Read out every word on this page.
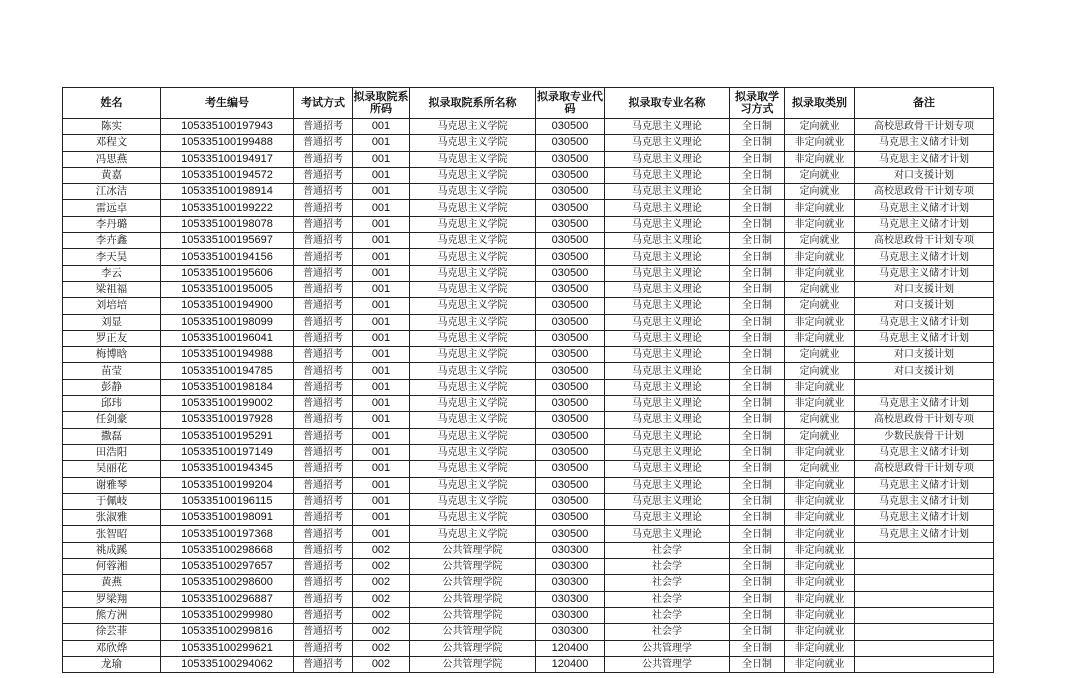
姓名	考生编号	考试方式	拟录取院系所码	拟录取院系所名称	拟录取专业代码	拟录取专业名称	拟录取学习方式	拟录取类别	备注
陈实	105335100197943	普通招考	001	马克思主义学院	030500	马克思主义理论	全日制	定向就业	高校思政骨干计划专项
邓程文	105335100199488	普通招考	001	马克思主义学院	030500	马克思主义理论	全日制	非定向就业	马克思主义储才计划
冯思燕	105335100194917	普通招考	001	马克思主义学院	030500	马克思主义理论	全日制	非定向就业	马克思主义储才计划
黄嘉	105335100194572	普通招考	001	马克思主义学院	030500	马克思主义理论	全日制	定向就业	对口支援计划
江冰洁	105335100198914	普通招考	001	马克思主义学院	030500	马克思主义理论	全日制	定向就业	高校思政骨干计划专项
雷远卓	105335100199222	普通招考	001	马克思主义学院	030500	马克思主义理论	全日制	非定向就业	马克思主义储才计划
李丹璐	105335100198078	普通招考	001	马克思主义学院	030500	马克思主义理论	全日制	非定向就业	马克思主义储才计划
李卉鑫	105335100195697	普通招考	001	马克思主义学院	030500	马克思主义理论	全日制	定向就业	高校思政骨干计划专项
李天昊	105335100194156	普通招考	001	马克思主义学院	030500	马克思主义理论	全日制	非定向就业	马克思主义储才计划
李云	105335100195606	普通招考	001	马克思主义学院	030500	马克思主义理论	全日制	非定向就业	马克思主义储才计划
梁祖福	105335100195005	普通招考	001	马克思主义学院	030500	马克思主义理论	全日制	定向就业	对口支援计划
刘培培	105335100194900	普通招考	001	马克思主义学院	030500	马克思主义理论	全日制	定向就业	对口支援计划
刘显	105335100198099	普通招考	001	马克思主义学院	030500	马克思主义理论	全日制	非定向就业	马克思主义储才计划
罗正友	105335100196041	普通招考	001	马克思主义学院	030500	马克思主义理论	全日制	非定向就业	马克思主义储才计划
梅博晗	105335100194988	普通招考	001	马克思主义学院	030500	马克思主义理论	全日制	定向就业	对口支援计划
苗莹	105335100194785	普通招考	001	马克思主义学院	030500	马克思主义理论	全日制	定向就业	对口支援计划
彭静	105335100198184	普通招考	001	马克思主义学院	030500	马克思主义理论	全日制	非定向就业	
邱玮	105335100199002	普通招考	001	马克思主义学院	030500	马克思主义理论	全日制	非定向就业	马克思主义储才计划
任剑豪	105335100197928	普通招考	001	马克思主义学院	030500	马克思主义理论	全日制	定向就业	高校思政骨干计划专项
撒磊	105335100195291	普通招考	001	马克思主义学院	030500	马克思主义理论	全日制	定向就业	少数民族骨干计划
田浩阳	105335100197149	普通招考	001	马克思主义学院	030500	马克思主义理论	全日制	非定向就业	马克思主义储才计划
吴丽花	105335100194345	普通招考	001	马克思主义学院	030500	马克思主义理论	全日制	定向就业	高校思政骨干计划专项
谢雅琴	105335100199204	普通招考	001	马克思主义学院	030500	马克思主义理论	全日制	非定向就业	马克思主义储才计划
于佩岐	105335100196115	普通招考	001	马克思主义学院	030500	马克思主义理论	全日制	非定向就业	马克思主义储才计划
张淑雅	105335100198091	普通招考	001	马克思主义学院	030500	马克思主义理论	全日制	非定向就业	马克思主义储才计划
张智昭	105335100197368	普通招考	001	马克思主义学院	030500	马克思主义理论	全日制	非定向就业	马克思主义储才计划
祧成蹊	105335100298668	普通招考	002	公共管理学院	030300	社会学	全日制	非定向就业	
何蓉湘	105335100297657	普通招考	002	公共管理学院	030300	社会学	全日制	非定向就业	
黄燕	105335100298600	普通招考	002	公共管理学院	030300	社会学	全日制	非定向就业	
罗梁翔	105335100296887	普通招考	002	公共管理学院	030300	社会学	全日制	非定向就业	
熊方洲	105335100299980	普通招考	002	公共管理学院	030300	社会学	全日制	非定向就业	
徐芸菲	105335100299816	普通招考	002	公共管理学院	030300	社会学	全日制	非定向就业	
邓欣烨	105335100299621	普通招考	002	公共管理学院	120400	公共管理学	全日制	非定向就业	
龙瑜	105335100294062	普通招考	002	公共管理学院	120400	公共管理学	全日制	非定向就业	
